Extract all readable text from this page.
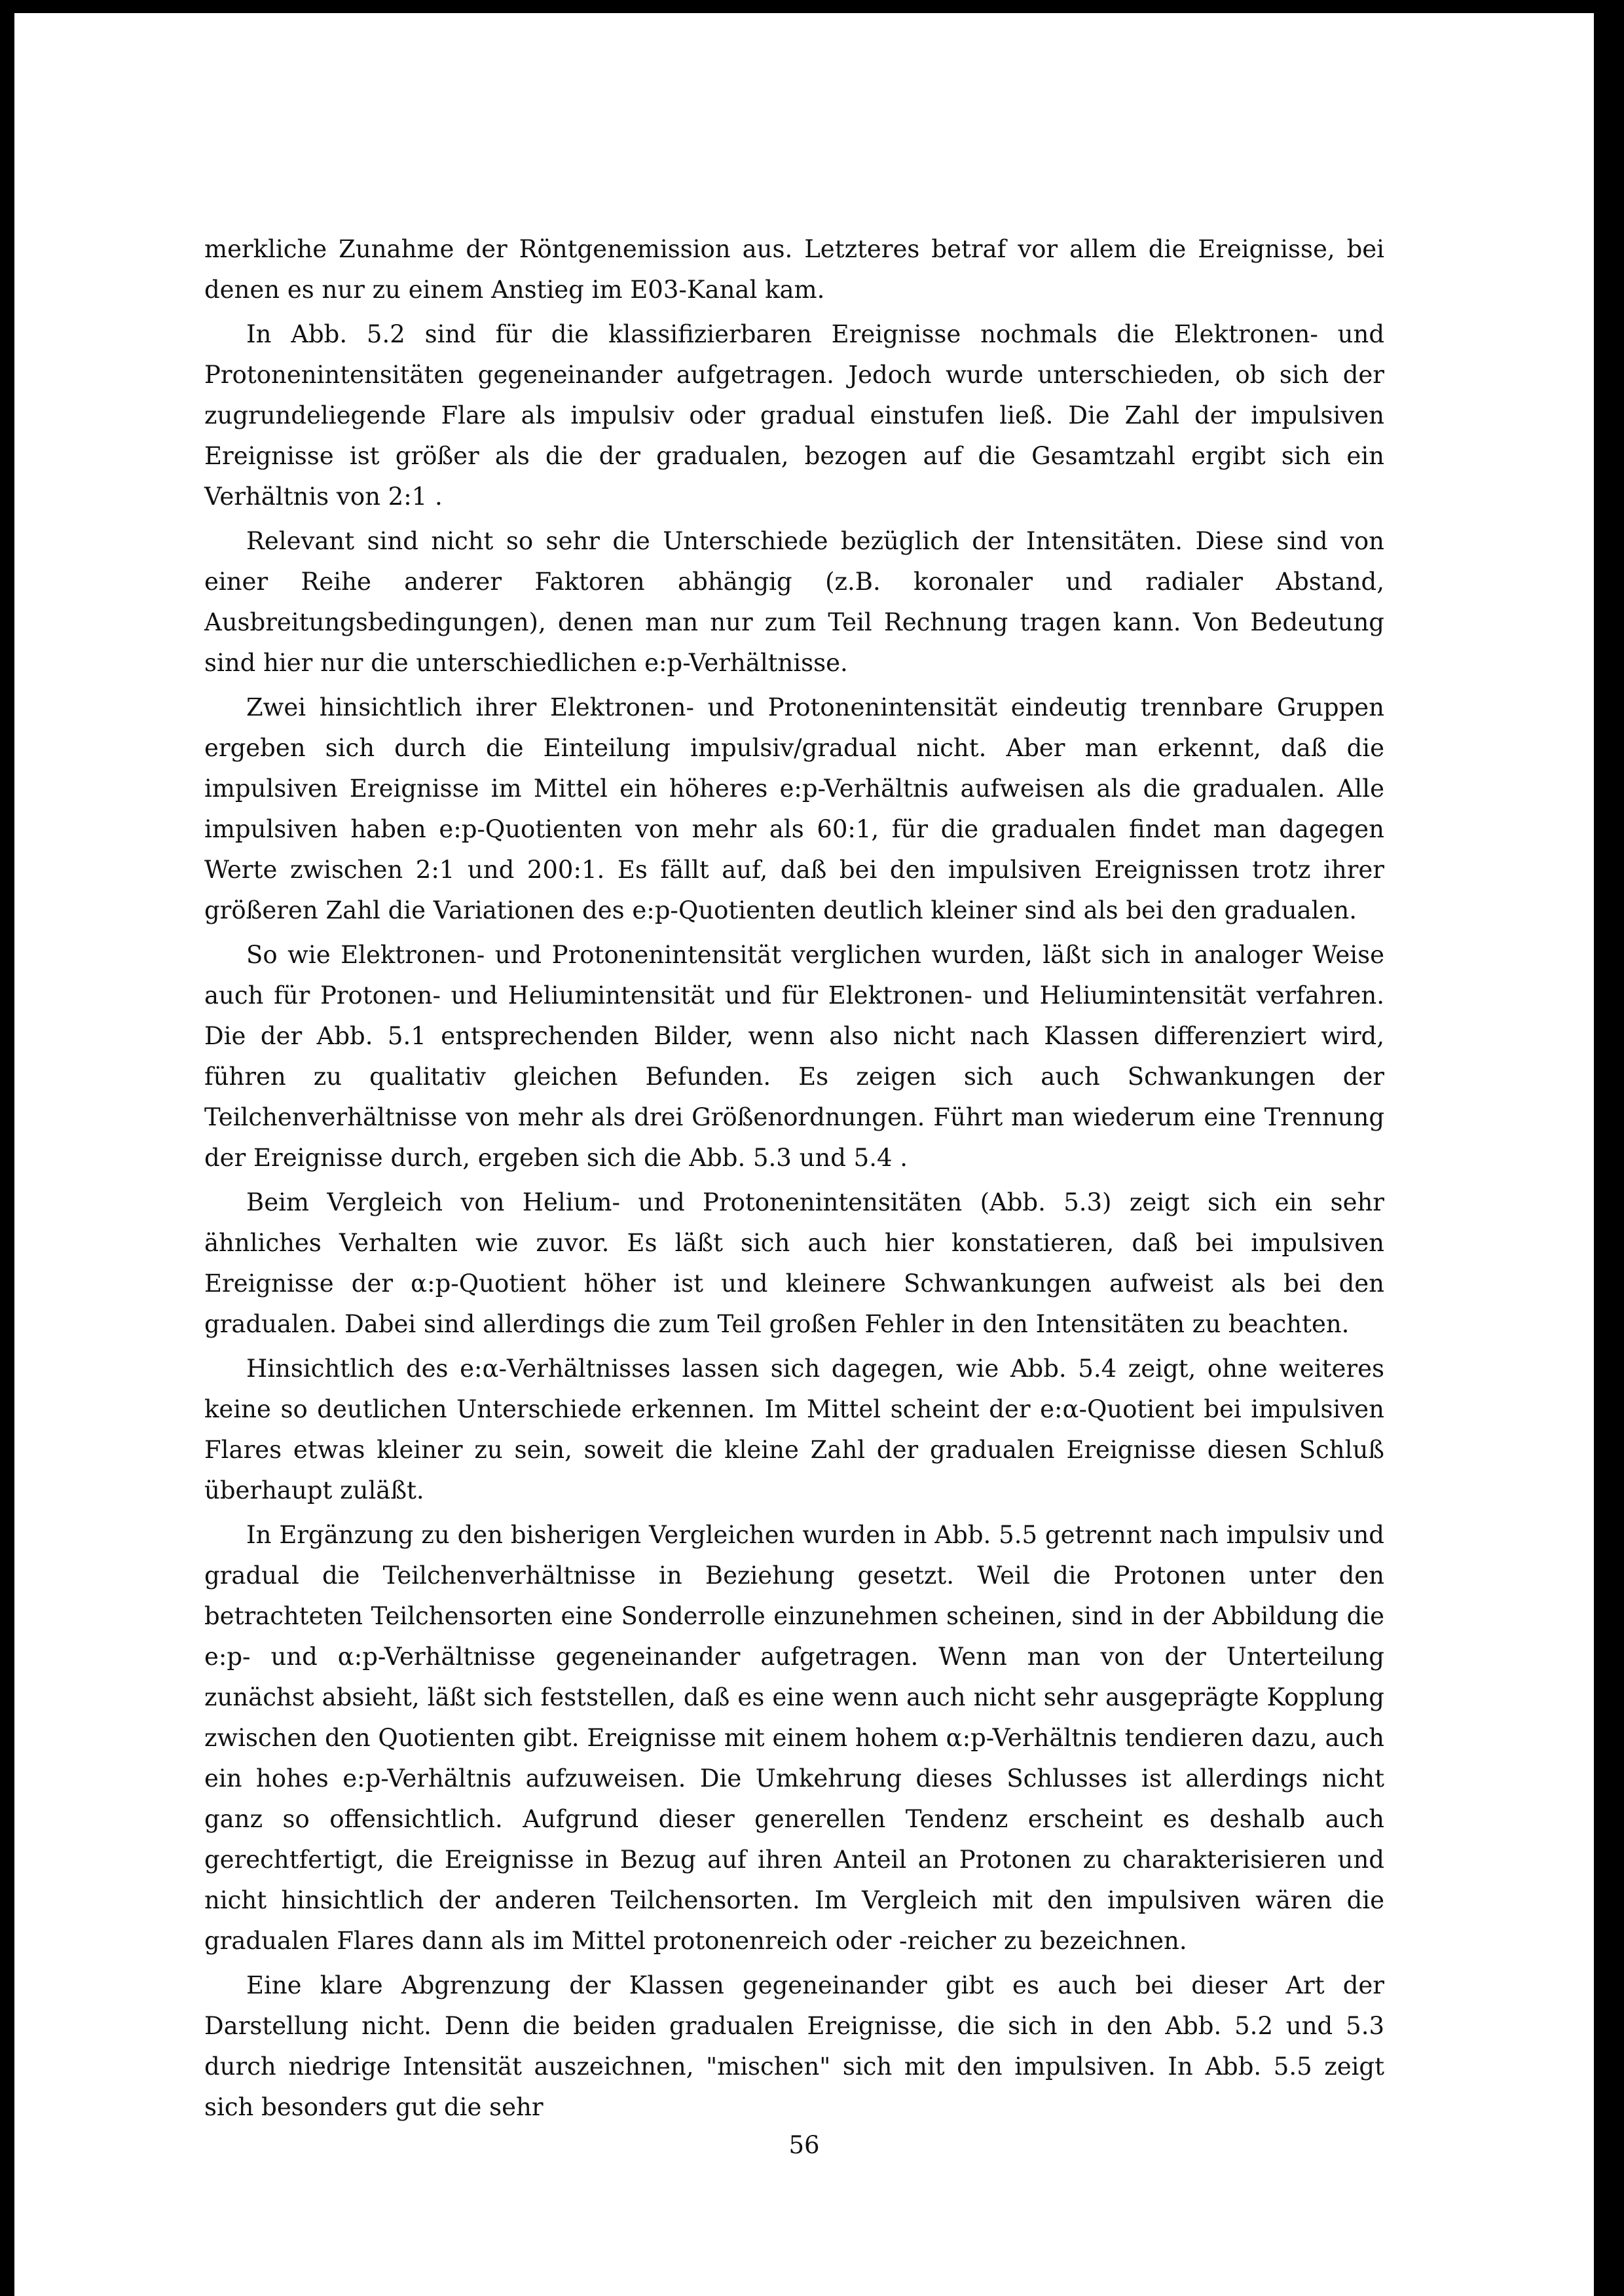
merkliche Zunahme der Röntgenemission aus. Letzteres betraf vor allem die Ereignisse, bei denen es nur zu einem Anstieg im E03-Kanal kam.

In Abb. 5.2 sind für die klassifizierbaren Ereignisse nochmals die Elektronen- und Protonenintensitäten gegeneinander aufgetragen. Jedoch wurde unterschieden, ob sich der zugrundeliegende Flare als impulsiv oder gradual einstufen ließ. Die Zahl der impulsiven Ereignisse ist größer als die der gradualen, bezogen auf die Gesamtzahl ergibt sich ein Verhältnis von 2:1 .

Relevant sind nicht so sehr die Unterschiede bezüglich der Intensitäten. Diese sind von einer Reihe anderer Faktoren abhängig (z.B. koronaler und radialer Abstand, Ausbreitungsbedingungen), denen man nur zum Teil Rechnung tragen kann. Von Bedeutung sind hier nur die unterschiedlichen e:p-Verhältnisse.

Zwei hinsichtlich ihrer Elektronen- und Protonenintensität eindeutig trennbare Gruppen ergeben sich durch die Einteilung impulsiv/gradual nicht. Aber man erkennt, daß die impulsiven Ereignisse im Mittel ein höheres e:p-Verhältnis aufweisen als die gradualen. Alle impulsiven haben e:p-Quotienten von mehr als 60:1, für die gradualen findet man dagegen Werte zwischen 2:1 und 200:1. Es fällt auf, daß bei den impulsiven Ereignissen trotz ihrer größeren Zahl die Variationen des e:p-Quotienten deutlich kleiner sind als bei den gradualen.

So wie Elektronen- und Protonenintensität verglichen wurden, läßt sich in analoger Weise auch für Protonen- und Heliumintensität und für Elektronen- und Heliumintensität verfahren. Die der Abb. 5.1 entsprechenden Bilder, wenn also nicht nach Klassen differenziert wird, führen zu qualitativ gleichen Befunden. Es zeigen sich auch Schwankungen der Teilchenverhältnisse von mehr als drei Größenordnungen. Führt man wiederum eine Trennung der Ereignisse durch, ergeben sich die Abb. 5.3 und 5.4 .

Beim Vergleich von Helium- und Protonenintensitäten (Abb. 5.3) zeigt sich ein sehr ähnliches Verhalten wie zuvor. Es läßt sich auch hier konstatieren, daß bei impulsiven Ereignisse der α:p-Quotient höher ist und kleinere Schwankungen aufweist als bei den gradualen. Dabei sind allerdings die zum Teil großen Fehler in den Intensitäten zu beachten.

Hinsichtlich des e:α-Verhältnisses lassen sich dagegen, wie Abb. 5.4 zeigt, ohne weiteres keine so deutlichen Unterschiede erkennen. Im Mittel scheint der e:α-Quotient bei impulsiven Flares etwas kleiner zu sein, soweit die kleine Zahl der gradualen Ereignisse diesen Schluß überhaupt zuläßt.

In Ergänzung zu den bisherigen Vergleichen wurden in Abb. 5.5 getrennt nach impulsiv und gradual die Teilchenverhältnisse in Beziehung gesetzt. Weil die Protonen unter den betrachteten Teilchensorten eine Sonderrolle einzunehmen scheinen, sind in der Abbildung die e:p- und α:p-Verhältnisse gegeneinander aufgetragen. Wenn man von der Unterteilung zunächst absieht, läßt sich feststellen, daß es eine wenn auch nicht sehr ausgeprägte Kopplung zwischen den Quotienten gibt. Ereignisse mit einem hohem α:p-Verhältnis tendieren dazu, auch ein hohes e:p-Verhältnis aufzuweisen. Die Umkehrung dieses Schlusses ist allerdings nicht ganz so offensichtlich. Aufgrund dieser generellen Tendenz erscheint es deshalb auch gerechtfertigt, die Ereignisse in Bezug auf ihren Anteil an Protonen zu charakterisieren und nicht hinsichtlich der anderen Teilchensorten. Im Vergleich mit den impulsiven wären die gradualen Flares dann als im Mittel protonenreich oder -reicher zu bezeichnen.

Eine klare Abgrenzung der Klassen gegeneinander gibt es auch bei dieser Art der Darstellung nicht. Denn die beiden gradualen Ereignisse, die sich in den Abb. 5.2 und 5.3 durch niedrige Intensität auszeichnen, "mischen" sich mit den impulsiven. In Abb. 5.5 zeigt sich besonders gut die sehr

56
